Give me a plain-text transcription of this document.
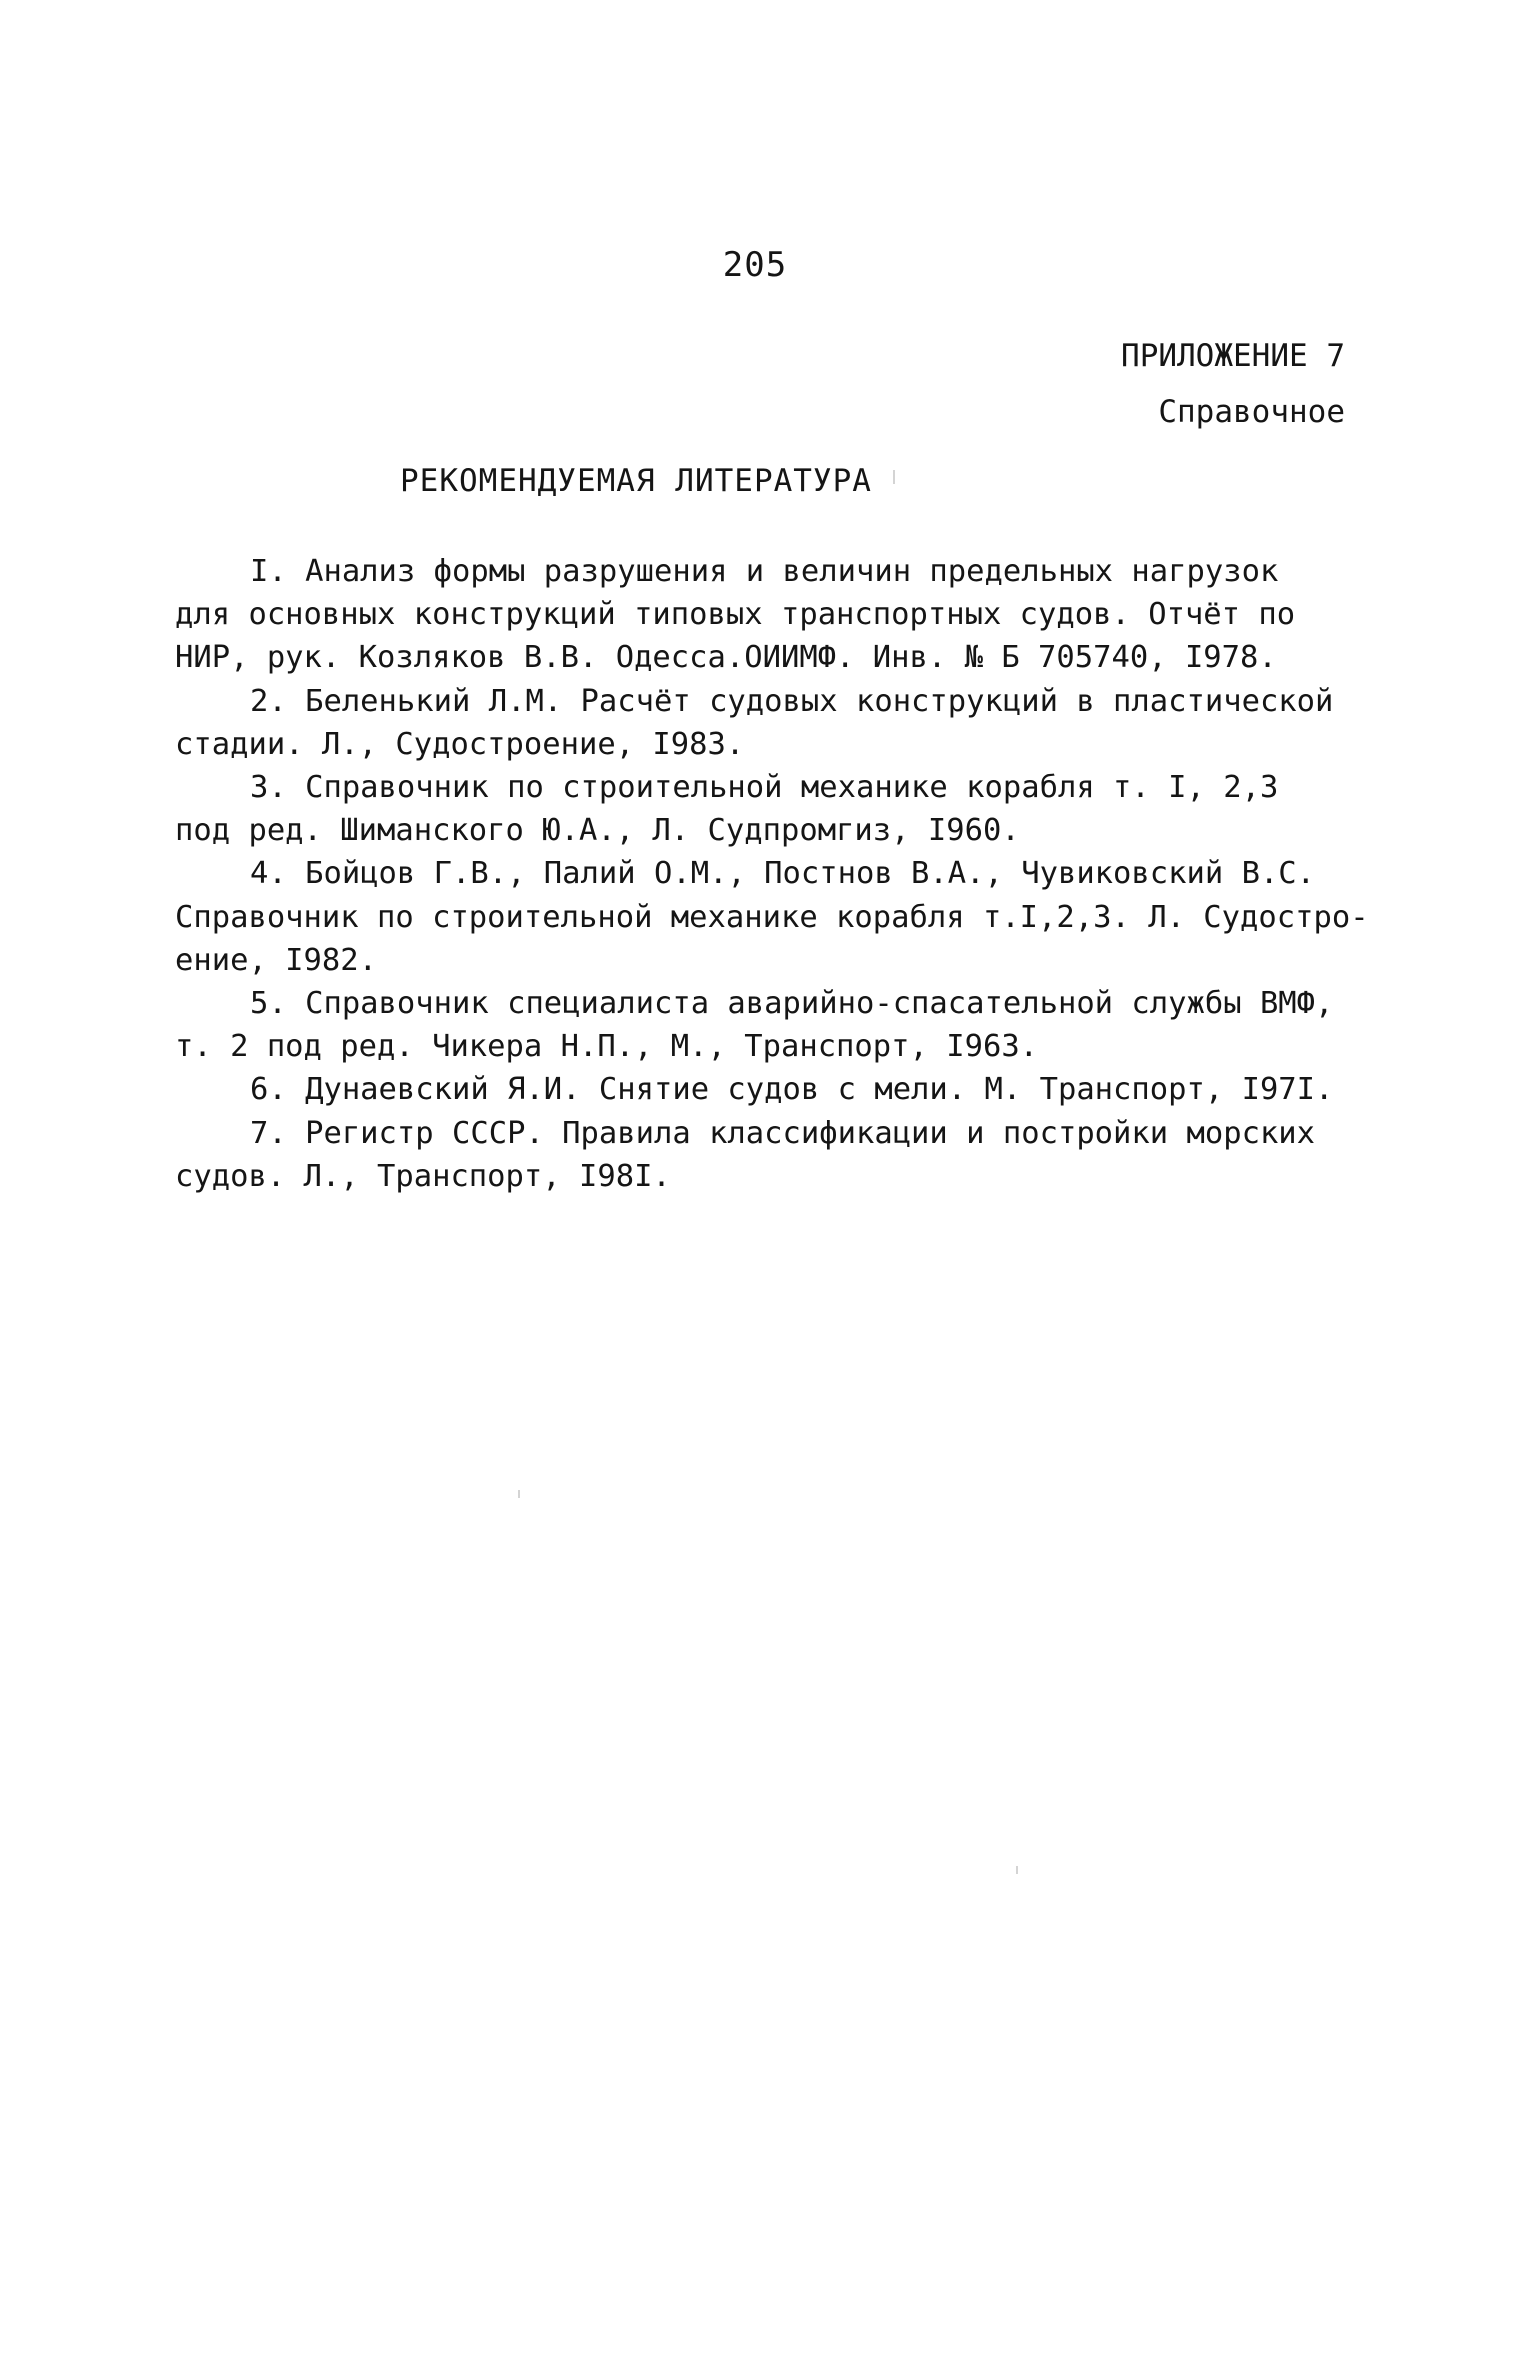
205
ПРИЛОЖЕНИЕ 7
Справочное
РЕКОМЕНДУЕМАЯ ЛИТЕРАТУРА
I. Анализ формы разрушения и величин предельных нагрузок
для основных конструкций типовых транспортных судов. Отчёт по
НИР, рук. Козляков В.В. Одесса.ОИИМФ. Инв. № Б 705740, I978.
2. Беленький Л.М. Расчёт судовых конструкций в пластической
стадии. Л., Судостроение, I983.
3. Справочник по строительной механике корабля т. I, 2,3
под ред. Шиманского Ю.А., Л. Судпромгиз, I960.
4. Бойцов Г.В., Палий О.М., Постнов В.А., Чувиковский В.С.
Справочник по строительной механике корабля т.I,2,3. Л. Судостро-
ение, I982.
5. Справочник специалиста аварийно-спасательной службы ВМФ,
т. 2 под ред. Чикера Н.П., М., Транспорт, I963.
6. Дунаевский Я.И. Снятие судов с мели. М. Транспорт, I97I.
7. Регистр СССР. Правила классификации и постройки морских
судов. Л., Транспорт, I98I.
